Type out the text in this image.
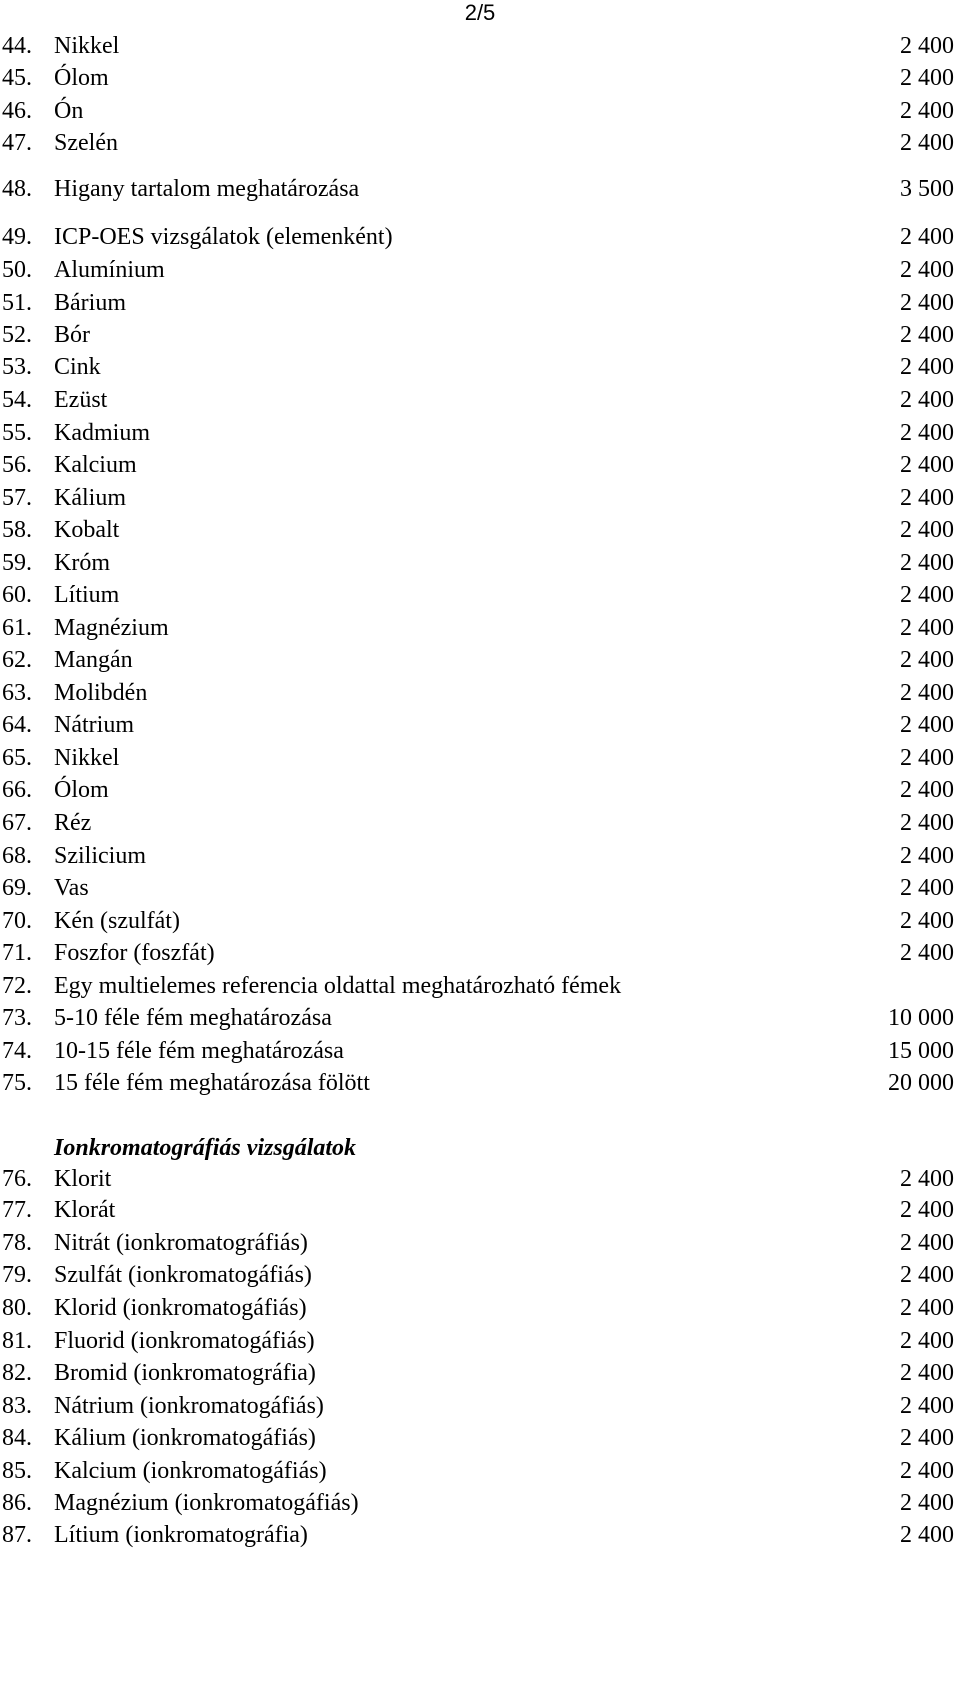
2/5
44. Nikkel	2 400
45. Ólom	2 400
46. Ón	2 400
47. Szelén	2 400
48. Higany tartalom meghatározása	3 500
49. ICP-OES vizsgálatok (elemenként)	2 400
50. Alumínium	2 400
51. Bárium	2 400
52. Bór	2 400
53. Cink	2 400
54. Ezüst	2 400
55. Kadmium	2 400
56. Kalcium	2 400
57. Kálium	2 400
58. Kobalt	2 400
59. Króm	2 400
60. Lítium	2 400
61. Magnézium	2 400
62. Mangán	2 400
63. Molibdén	2 400
64. Nátrium	2 400
65. Nikkel	2 400
66. Ólom	2 400
67. Réz	2 400
68. Szilicium	2 400
69. Vas	2 400
70. Kén (szulfát)	2 400
71. Foszfor (foszfát)	2 400
72. Egy multielemes referencia oldattal meghatározható fémek
73. 5-10 féle fém meghatározása	10 000
74. 10-15 féle fém meghatározása	15 000
75. 15 féle fém meghatározása fölött	20 000
Ionkromatográfiás vizsgálatok
76. Klorit	2 400
77. Klorát	2 400
78. Nitrát (ionkromatográfiás)	2 400
79. Szulfát (ionkromatogáfiás)	2 400
80. Klorid (ionkromatogáfiás)	2 400
81. Fluorid (ionkromatogáfiás)	2 400
82. Bromid (ionkromatográfia)	2 400
83. Nátrium (ionkromatogáfiás)	2 400
84. Kálium (ionkromatogáfiás)	2 400
85. Kalcium (ionkromatogáfiás)	2 400
86. Magnézium (ionkromatogáfiás)	2 400
87. Lítium (ionkromatográfia)	2 400
